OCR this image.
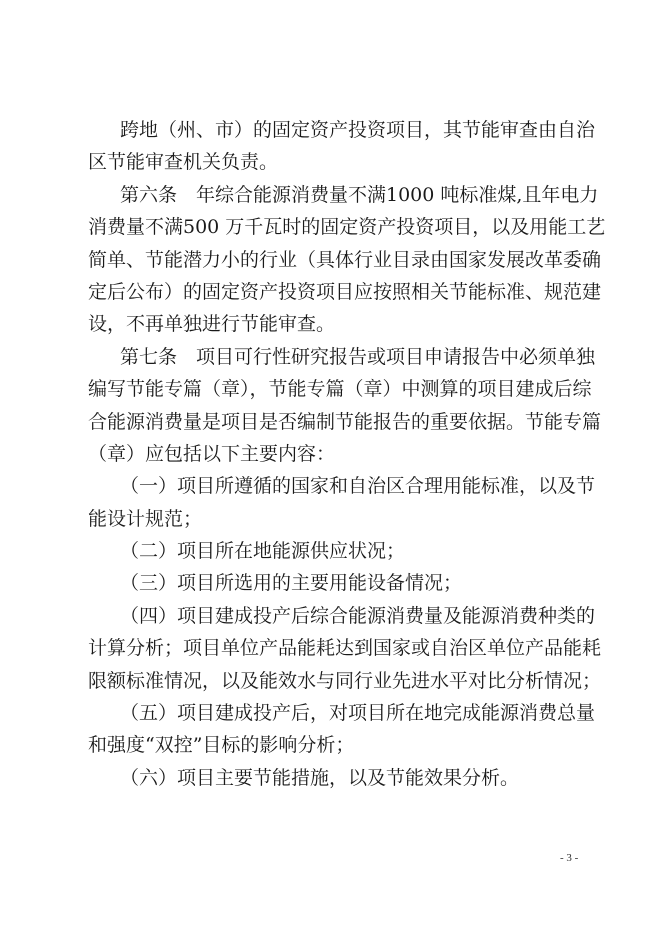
跨地（州、市）的固定资产投资项目，其节能审查由自治
区节能审查机关负责。
第六条　年综合能源消费量不满1000 吨标准煤,且年电力
消费量不满500 万千瓦时的固定资产投资项目，以及用能工艺
简单、节能潜力小的行业（具体行业目录由国家发展改革委确
定后公布）的固定资产投资项目应按照相关节能标准、规范建
设，不再单独进行节能审查。
第七条　项目可行性研究报告或项目申请报告中必须单独
编写节能专篇（章），节能专篇（章）中测算的项目建成后综
合能源消费量是项目是否编制节能报告的重要依据。节能专篇
（章）应包括以下主要内容：
（一）项目所遵循的国家和自治区合理用能标准，以及节
能设计规范；
（二）项目所在地能源供应状况；
（三）项目所选用的主要用能设备情况；
（四）项目建成投产后综合能源消费量及能源消费种类的
计算分析；项目单位产品能耗达到国家或自治区单位产品能耗
限额标准情况，以及能效水与同行业先进水平对比分析情况；
（五）项目建成投产后，对项目所在地完成能源消费总量
和强度“双控”目标的影响分析；
（六）项目主要节能措施，以及节能效果分析。
- 3 -
